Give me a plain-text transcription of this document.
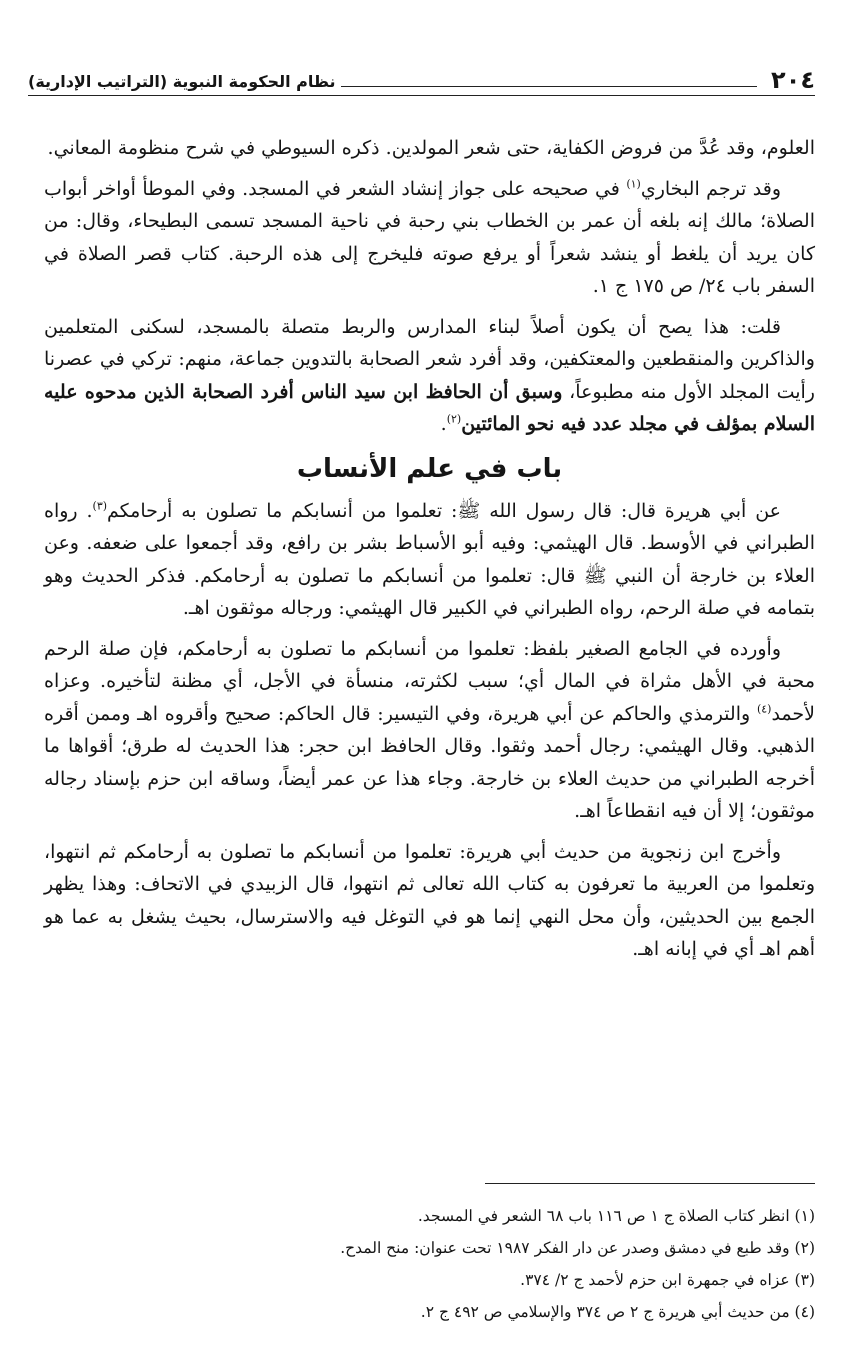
٢٠٤
نظام الحكومة النبوية (التراتيب الإدارية)

العلوم، وقد عُدَّ من فروض الكفاية، حتى شعر المولدين. ذكره السيوطي في شرح منظومة المعاني.

وقد ترجم البخاري$^{(١)}$ في صحيحه على جواز إنشاد الشعر في المسجد. وفي الموطأ أواخر أبواب الصلاة؛ مالك إنه بلغه أن عمر بن الخطاب بني رحبة في ناحية المسجد تسمى البطيحاء، وقال: من كان يريد أن يلغط أو ينشد شعراً أو يرفع صوته فليخرج إلى هذه الرحبة. كتاب قصر الصلاة في السفر باب ٢٤/ ص ١٧٥ ج ١.

قلت: هذا يصح أن يكون أصلاً لبناء المدارس والربط متصلة بالمسجد، لسكنى المتعلمين والذاكرين والمنقطعين والمعتكفين، وقد أفرد شعر الصحابة بالتدوين جماعة، منهم: تركي في عصرنا رأيت المجلد الأول منه مطبوعاً، وسبق أن الحافظ ابن سيد الناس أفرد الصحابة الذين مدحوه عليه السلام بمؤلف في مجلد عدد فيه نحو المائتين$^{(٢)}$.

باب في علم الأنساب

عن أبي هريرة قال: قال رسول الله ﷺ: تعلموا من أنسابكم ما تصلون به أرحامكم$^{(٣)}$. رواه الطبراني في الأوسط. قال الهيثمي: وفيه أبو الأسباط بشر بن رافع، وقد أجمعوا على ضعفه. وعن العلاء بن خارجة أن النبي ﷺ قال: تعلموا من أنسابكم ما تصلون به أرحامكم. فذكر الحديث وهو بتمامه في صلة الرحم، رواه الطبراني في الكبير قال الهيثمي: ورجاله موثقون اهـ.

وأورده في الجامع الصغير بلفظ: تعلموا من أنسابكم ما تصلون به أرحامكم، فإن صلة الرحم محبة في الأهل مثراة في المال أي؛ سبب لكثرته، منسأة في الأجل، أي مظنة لتأخيره. وعزاه لأحمد$^{(٤)}$ والترمذي والحاكم عن أبي هريرة، وفي التيسير: قال الحاكم: صحيح وأقروه اهـ وممن أقره الذهبي. وقال الهيثمي: رجال أحمد وثقوا. وقال الحافظ ابن حجر: هذا الحديث له طرق؛ أقواها ما أخرجه الطبراني من حديث العلاء بن خارجة. وجاء هذا عن عمر أيضاً، وساقه ابن حزم بإسناد رجاله موثقون؛ إلا أن فيه انقطاعاً اهـ.

وأخرج ابن زنجوية من حديث أبي هريرة: تعلموا من أنسابكم ما تصلون به أرحامكم ثم انتهوا، وتعلموا من العربية ما تعرفون به كتاب الله تعالى ثم انتهوا، قال الزبيدي في الاتحاف: وهذا يظهر الجمع بين الحديثين، وأن محل النهي إنما هو في التوغل فيه والاسترسال، بحيث يشغل به عما هو أهم اهـ أي في إبانه اهـ.

(١) انظر كتاب الصلاة ج ١ ص ١١٦ باب ٦٨ الشعر في المسجد.

(٢) وقد طبع في دمشق وصدر عن دار الفكر ١٩٨٧ تحت عنوان: منح المدح.

(٣) عزاه في جمهرة ابن حزم لأحمد ج ٢/ ٣٧٤.

(٤) من حديث أبي هريرة ج ٢ ص ٣٧٤ والإسلامي ص ٤٩٢ ج ٢.
